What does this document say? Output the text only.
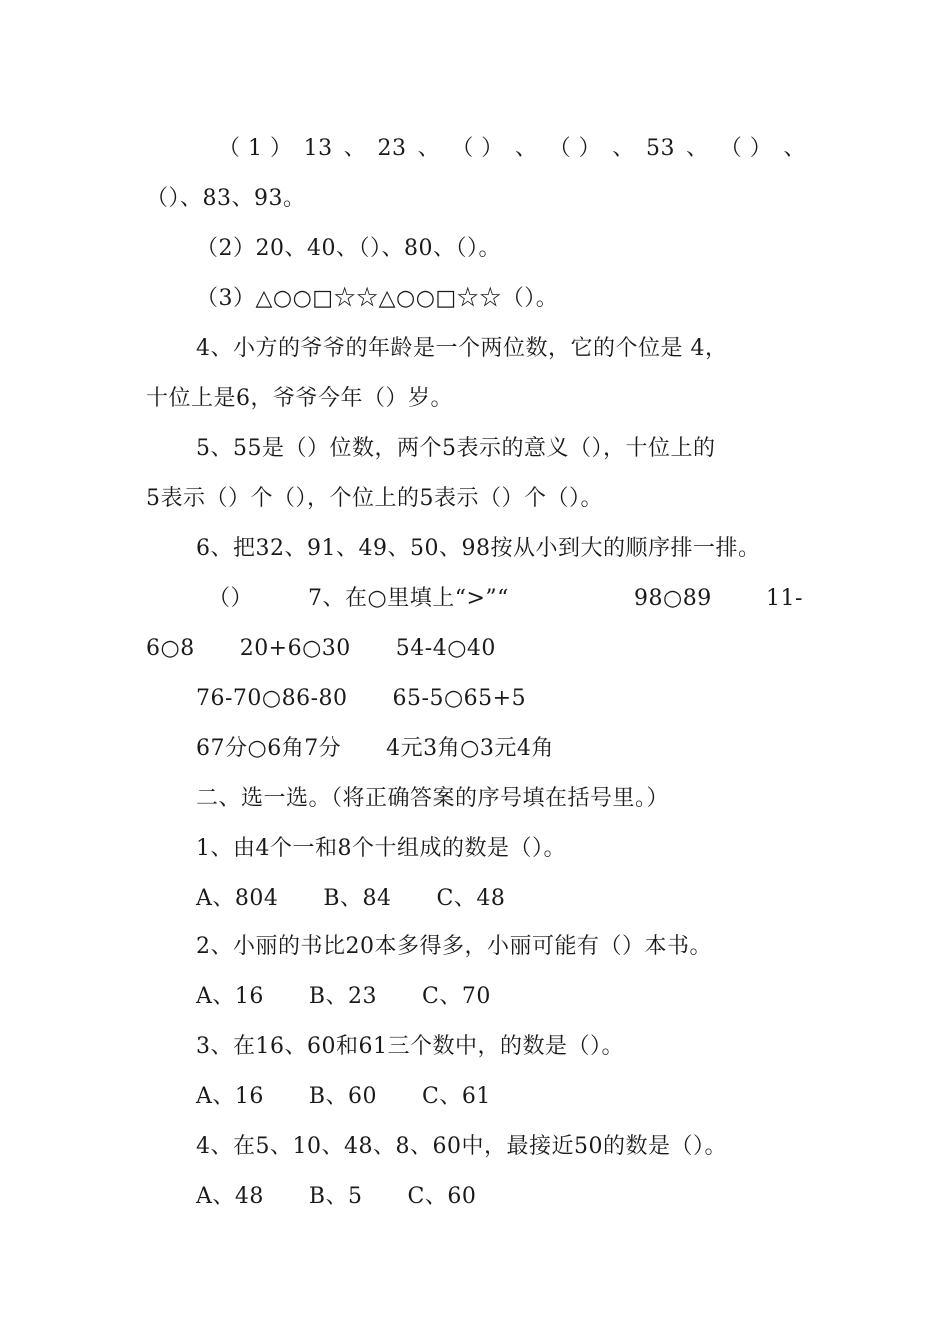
（ 1 ） 13 、 23 、 （ ） 、 （ ） 、 53 、 （ ） 、
（）、83、93。
（2）20、40、（）、80、（）。
（3）△○○□☆☆△○○□☆☆（）。
4、小方的爷爷的年龄是一个两位数，它的个位是 4，
十位上是6，爷爷今年（）岁。
5、55是（）位数，两个5表示的意义（），十位上的
5表示（）个（），个位上的5表示（）个（）。
6、把32、91、49、50、98按从小到大的顺序排一排。
（） 7、在○里填上“>”“	98○89 11-
6○8　　20+6○30　　54-4○40
76-70○86-80　　65-5○65+5
67分○6角7分　　4元3角○3元4角
二、选一选。（将正确答案的序号填在括号里。）
1、由4个一和8个十组成的数是（）。
A、804　　B、84　　C、48
2、小丽的书比20本多得多，小丽可能有（）本书。
A、16　　B、23　　C、70
3、在16、60和61三个数中，的数是（）。
A、16　　B、60　　C、61
4、在5、10、48、8、60中，最接近50的数是（）。
A、48　　B、5　　C、60
